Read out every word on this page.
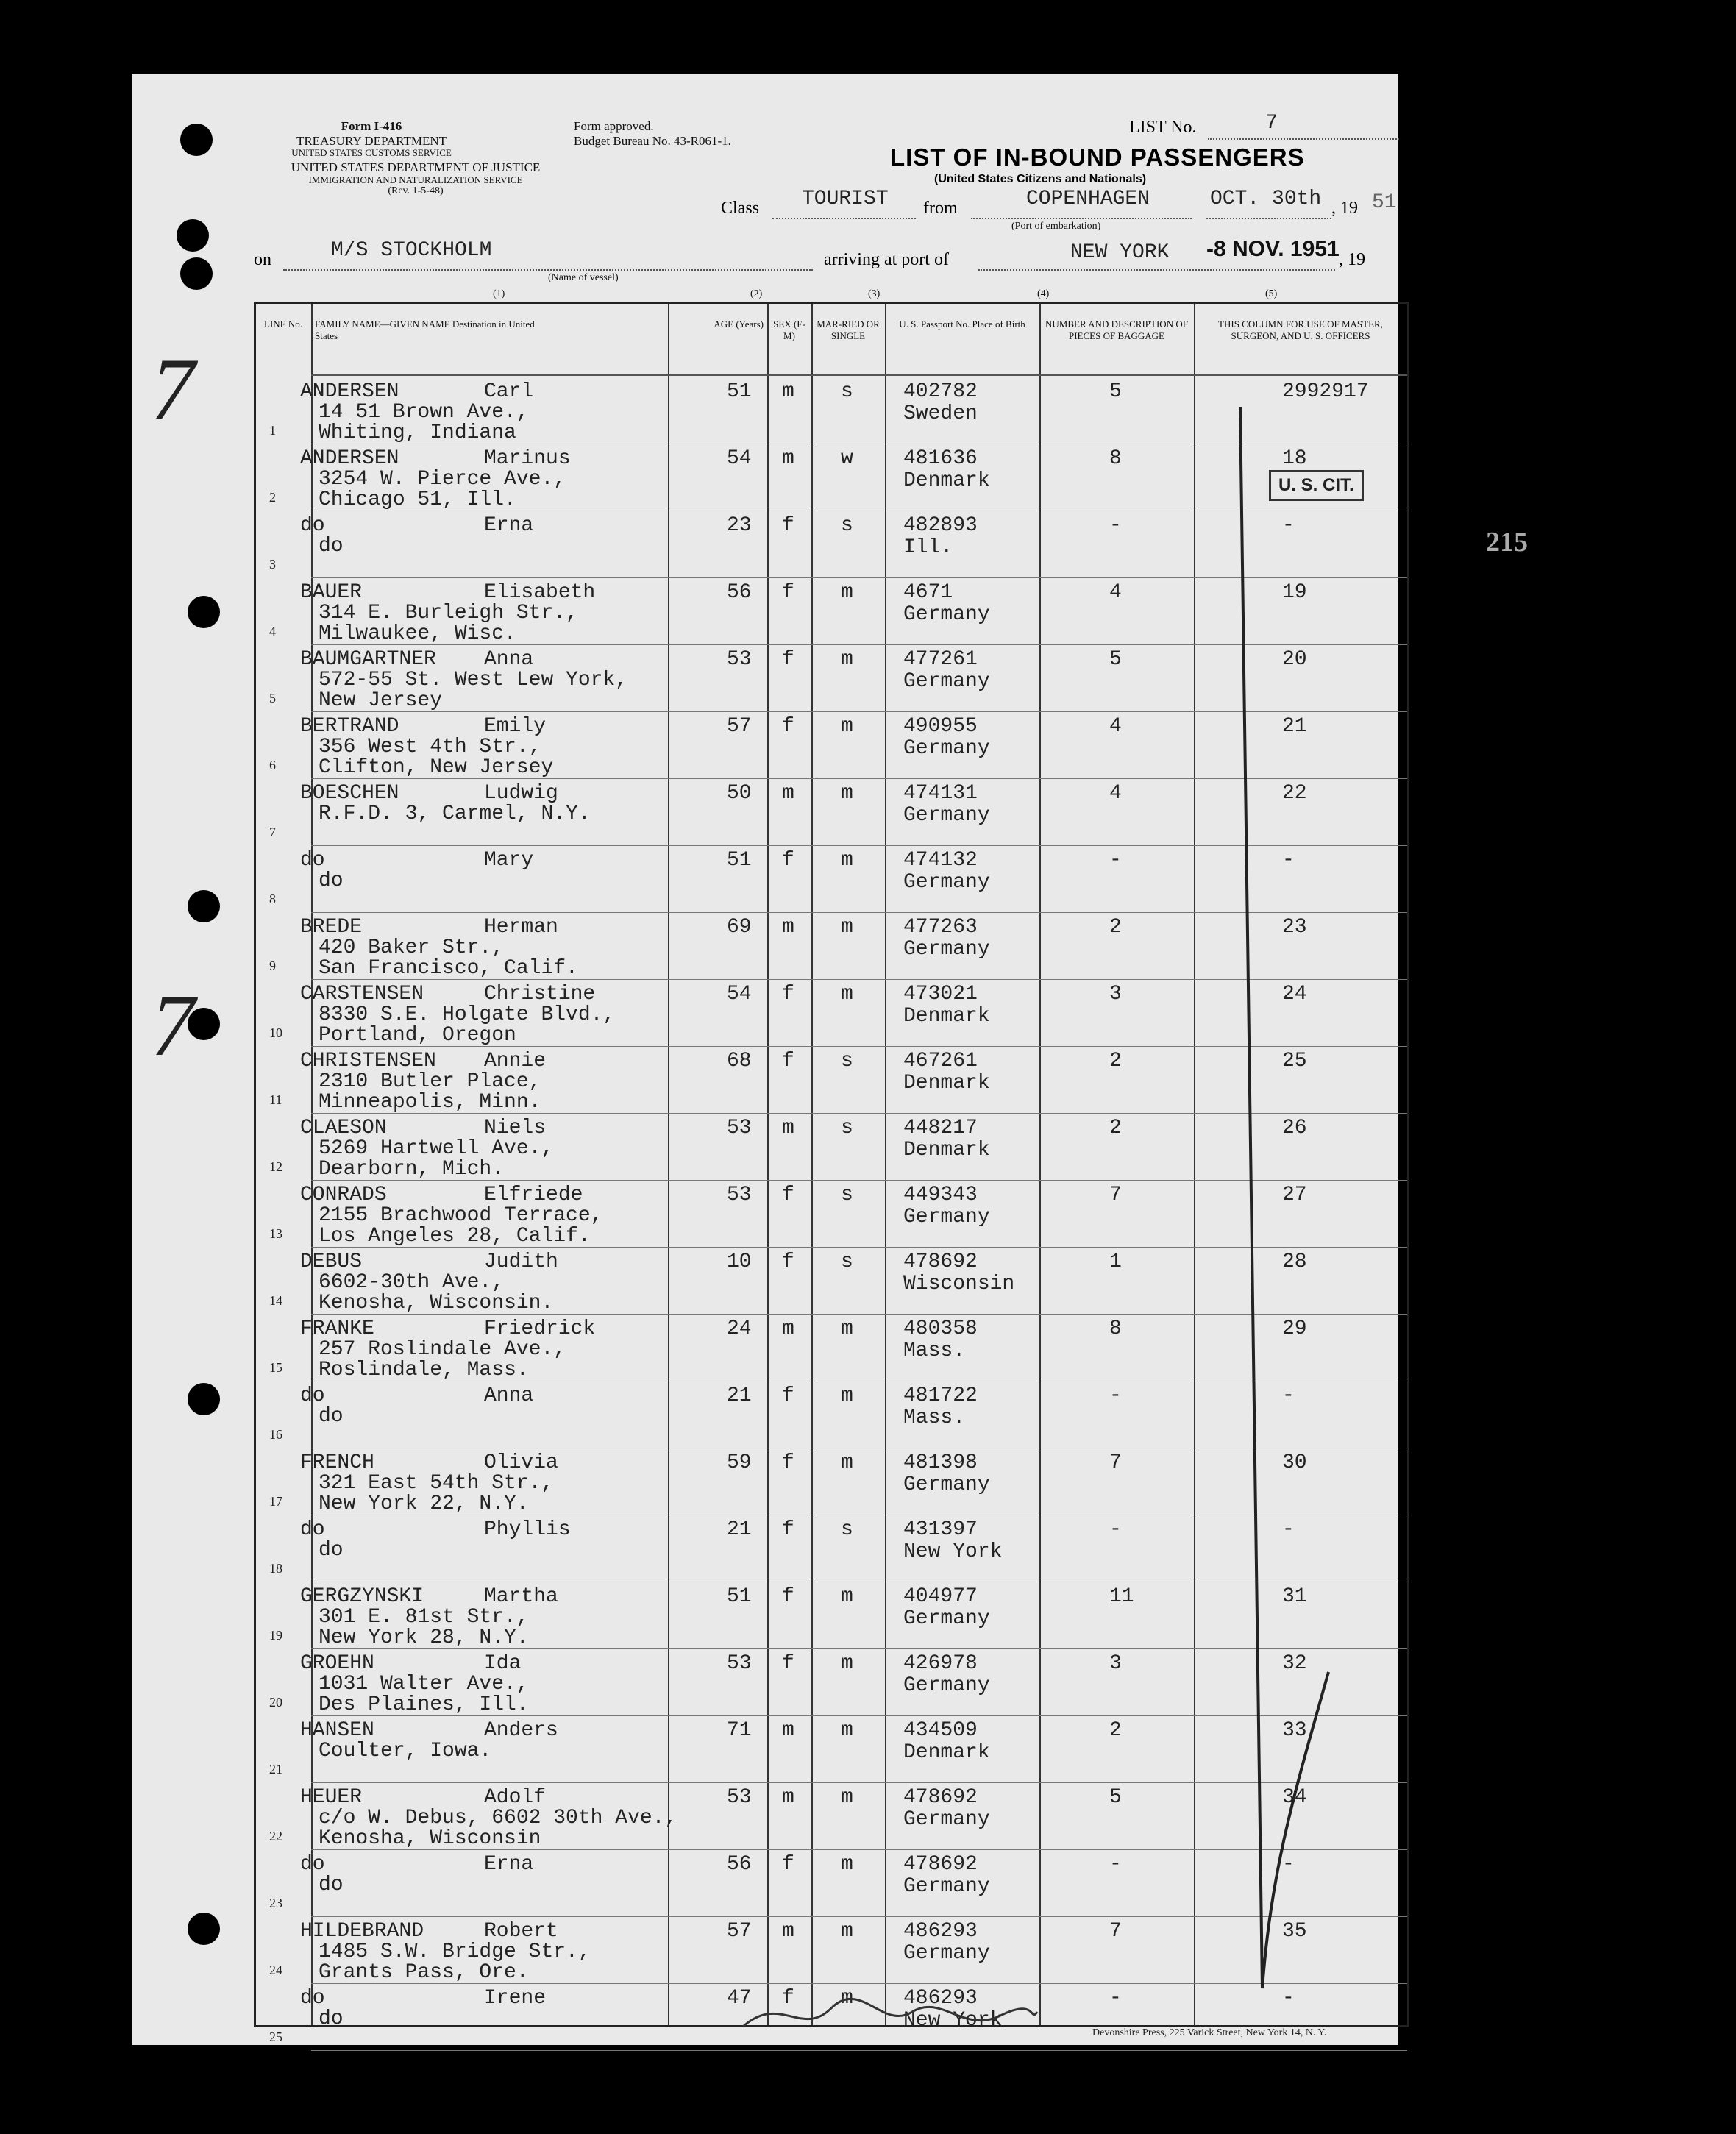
Form I-416
TREASURY DEPARTMENT
UNITED STATES CUSTOMS SERVICE
UNITED STATES DEPARTMENT OF JUSTICE
IMMIGRATION AND NATURALIZATION SERVICE
(Rev. 1-5-48)
Form approved.
Budget Bureau No. 43-R061-1.
LIST No.	7
LIST OF IN-BOUND PASSENGERS
(United States Citizens and Nationals)
Class TOURIST from	COPENHAGEN
(Port of embarkation)
OCT. 30th , 19 51
on	M/S STOCKHOLM
(Name of vessel)
arriving at port of	NEW YORK -8 NOV. 1951 , 19
(1)	(2)	(3)	(4)	(5)
LINE No.	FAMILY NAME—GIVEN NAME Destination in United States
AGE (Years)	SEX (F-M)
MAR-RIED OR SINGLE
U. S. Passport No. Place of Birth	NUMBER AND DESCRIPTION OF PIECES OF BAGGAGE
THIS COLUMN FOR USE OF MASTER, SURGEON, AND U. S. OFFICERS
1
ANDERSEN	Carl
14 51 Brown Ave.,
Whiting, Indiana
51 m s 402782
Sweden
5	2992917
2
ANDERSEN	Marinus
3254 W. Pierce Ave.,
Chicago 51, Ill.
54 m w 481636
Denmark
8	18
3
do	Erna
do
23 f s 482893
Ill.
-	-
4
BAUER	Elisabeth
314 E. Burleigh Str.,
Milwaukee, Wisc.
56 f m 4671
Germany
4	19
5
BAUMGARTNER Anna
572-55 St. West Lew York,
New Jersey
53 f m 477261
Germany
5	20
6
BERTRAND	Emily
356 West 4th Str.,
Clifton, New Jersey
57 f m 490955
Germany
4	21
7
BOESCHEN	Ludwig
R.F.D. 3, Carmel, N.Y.
50 m m 474131
Germany
4	22
8
do	Mary
do
51 f m 474132
Germany
-	-
9
BREDE	Herman
420 Baker Str.,
San Francisco, Calif.
69 m m 477263
Germany
2	23
10
CARSTENSEN	Christine
8330 S.E. Holgate Blvd.,
Portland, Oregon
54 f m 473021
Denmark
3	24
11
CHRISTENSEN Annie
2310 Butler Place,
Minneapolis, Minn.
68 f s 467261
Denmark
2	25
12
CLAESON	Niels
5269 Hartwell Ave.,
Dearborn, Mich.
53 m s 448217
Denmark
2	26
13
CONRADS	Elfriede
2155 Brachwood Terrace,
Los Angeles 28, Calif.
53 f s 449343
Germany
7	27
14
DEBUS	Judith
6602-30th Ave.,
Kenosha, Wisconsin.
10 f s 478692
Wisconsin
1	28
15
FRANKE	Friedrick
257 Roslindale Ave.,
Roslindale, Mass.
24 m m 480358
Mass.
8	29
16
do	Anna
do
21 f m 481722
Mass.
-	-
17
FRENCH	Olivia
321 East 54th Str.,
New York 22, N.Y.
59 f m 481398
Germany
7	30
18
do	Phyllis
do
21 f s 431397
New York
-	-
19
GERGZYNSKI	Martha
301 E. 81st Str.,
New York 28, N.Y.
51 f m 404977
Germany
11	31
20
GROEHN	Ida
1031 Walter Ave.,
Des Plaines, Ill.
53 f m 426978
Germany
3	32
21
HANSEN	Anders
Coulter, Iowa.
71 m m 434509
Denmark
2	33
22
HEUER	Adolf
c/o W. Debus, 6602 30th Ave.,
Kenosha, Wisconsin
53 m m 478692
Germany
5	34
23
do	Erna
do
56 f m 478692
Germany
-	-
24
HILDEBRAND	Robert
1485 S.W. Bridge Str.,
Grants Pass, Ore.
57 m m 486293
Germany
7	35
25
do	Irene
do
47 f m 486293
New York
-	-
U. S. CIT.
215
Devonshire Press, 225 Varick Street, New York 14, N. Y.
7
7
